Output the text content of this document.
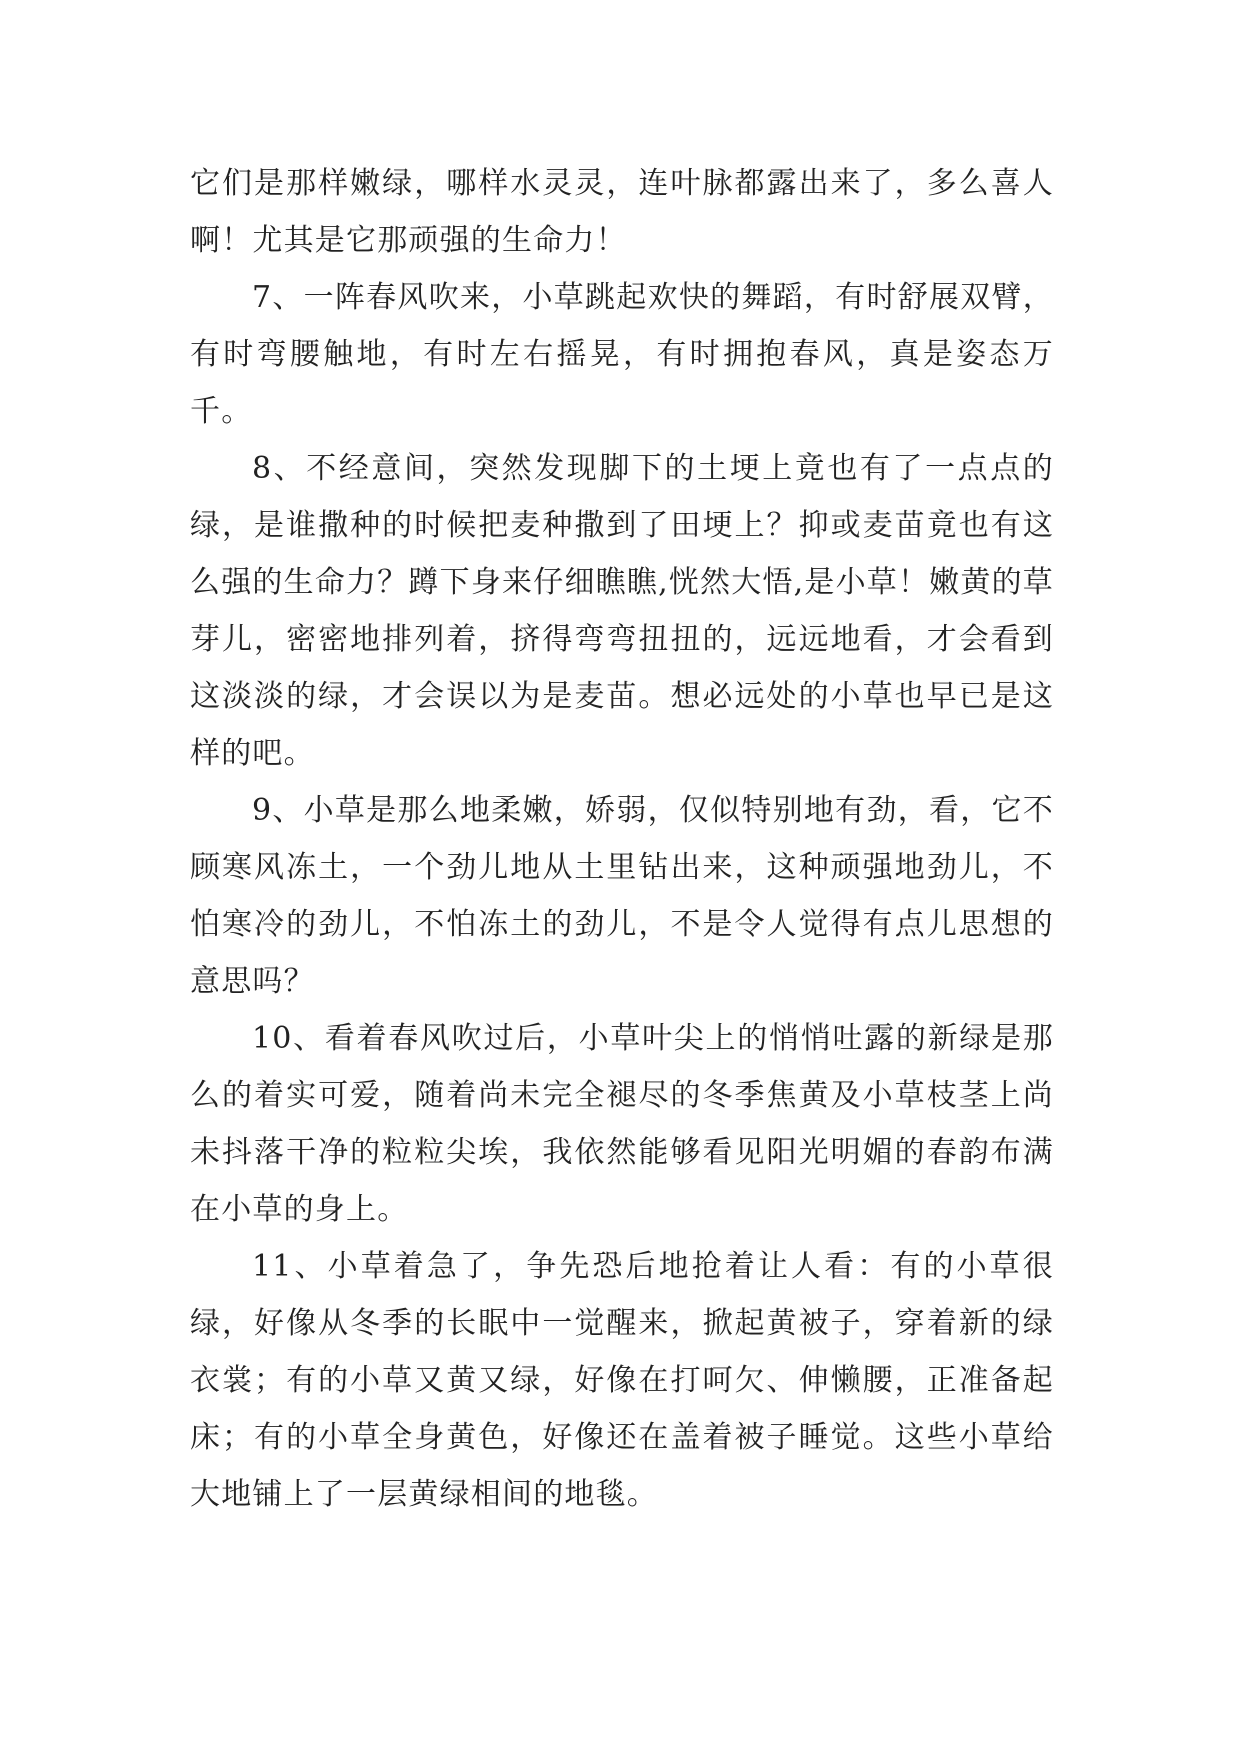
它们是那样嫩绿，哪样水灵灵，连叶脉都露出来了，多么喜人啊！尤其是它那顽强的生命力！

7、一阵春风吹来，小草跳起欢快的舞蹈，有时舒展双臂，有时弯腰触地，有时左右摇晃，有时拥抱春风，真是姿态万千。

8、不经意间，突然发现脚下的土埂上竟也有了一点点的绿，是谁撒种的时候把麦种撒到了田埂上？抑或麦苗竟也有这么强的生命力？蹲下身来仔细瞧瞧,恍然大悟,是小草！嫩黄的草芽儿，密密地排列着，挤得弯弯扭扭的，远远地看，才会看到这淡淡的绿，才会误以为是麦苗。想必远处的小草也早已是这样的吧。

9、小草是那么地柔嫩，娇弱，仅似特别地有劲，看，它不顾寒风冻土，一个劲儿地从土里钻出来，这种顽强地劲儿，不怕寒冷的劲儿，不怕冻土的劲儿，不是令人觉得有点儿思想的意思吗？

10、看着春风吹过后，小草叶尖上的悄悄吐露的新绿是那么的着实可爱，随着尚未完全褪尽的冬季焦黄及小草枝茎上尚未抖落干净的粒粒尖埃，我依然能够看见阳光明媚的春韵布满在小草的身上。

11、小草着急了，争先恐后地抢着让人看：有的小草很绿，好像从冬季的长眠中一觉醒来，掀起黄被子，穿着新的绿衣裳；有的小草又黄又绿，好像在打呵欠、伸懒腰，正准备起床；有的小草全身黄色，好像还在盖着被子睡觉。这些小草给大地铺上了一层黄绿相间的地毯。
